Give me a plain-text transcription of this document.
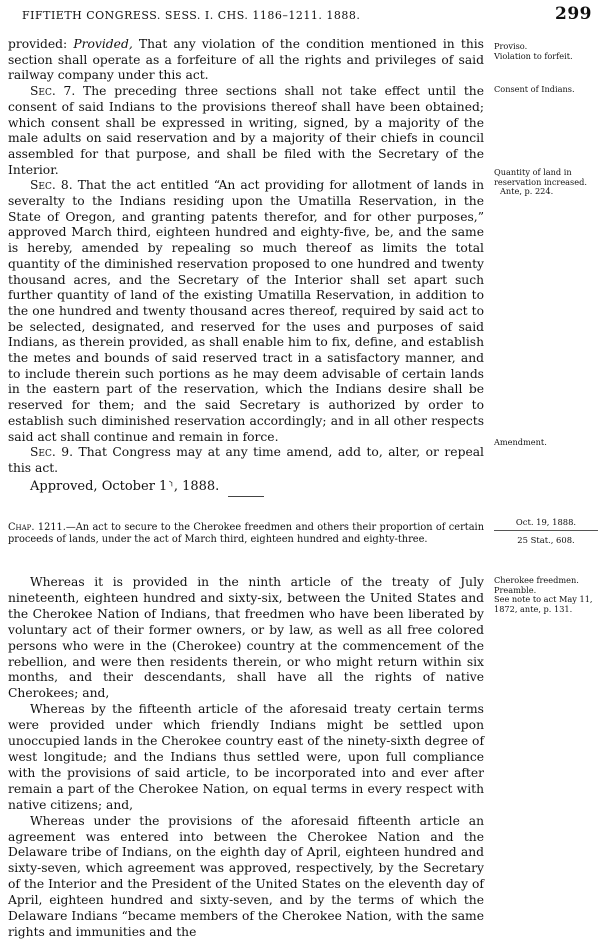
FIFTIETH CONGRESS. SESS. I. CHS. 1186–1211. 1888.	299

provided: Provided, That any violation of the condition mentioned in this section shall operate as a forfeiture of all the rights and privileges of said railway company under this act.

Sec. 7. The preceding three sections shall not take effect until the consent of said Indians to the provisions thereof shall have been obtained; which consent shall be expressed in writing, signed, by a majority of the male adults on said reservation and by a majority of their chiefs in council assembled for that purpose, and shall be filed with the Secretary of the Interior.

Sec. 8. That the act entitled “An act providing for allotment of lands in severalty to the Indians residing upon the Umatilla Reservation, in the State of Oregon, and granting patents therefor, and for other purposes,” approved March third, eighteen hundred and eighty-five, be, and the same is hereby, amended by repealing so much thereof as limits the total quantity of the diminished reservation proposed to one hundred and twenty thousand acres, and the Secretary of the Interior shall set apart such further quantity of land of the existing Umatilla Reservation, in addition to the one hundred and twenty thousand acres thereof, required by said act to be selected, designated, and reserved for the uses and purposes of said Indians, as therein provided, as shall enable him to fix, define, and establish the metes and bounds of said reserved tract in a satisfactory manner, and to include therein such portions as he may deem advisable of certain lands in the eastern part of the reservation, which the Indians desire shall be reserved for them; and the said Secretary is authorized by order to establish such diminished reservation accordingly; and in all other respects said act shall continue and remain in force.

Sec. 9. That Congress may at any time amend, add to, alter, or repeal this act.

Approved, October 1⸃, 1888.

Proviso.
Violation to forfeit.
Consent of Indians.
Quantity of land in reservation increased.
Ante, p. 224.
Amendment.
Chap. 1211.—An act to secure to the Cherokee freedmen and others their proportion of certain proceeds of lands, under the act of March third, eighteen hundred and eighty-three.
Oct. 19, 1888.
25 Stat., 608.
Cherokee freedmen.
Preamble.
See note to act May 11, 1872, ante, p. 131.

Whereas it is provided in the ninth article of the treaty of July nineteenth, eighteen hundred and sixty-six, between the United States and the Cherokee Nation of Indians, that freedmen who have been liberated by voluntary act of their former owners, or by law, as well as all free colored persons who were in the (Cherokee) country at the commencement of the rebellion, and were then residents therein, or who might return within six months, and their descendants, shall have all the rights of native Cherokees; and,

Whereas by the fifteenth article of the aforesaid treaty certain terms were provided under which friendly Indians might be settled upon unoccupied lands in the Cherokee country east of the ninety-sixth degree of west longitude; and the Indians thus settled were, upon full compliance with the provisions of said article, to be incorporated into and ever after remain a part of the Cherokee Nation, on equal terms in every respect with native citizens; and,

Whereas under the provisions of the aforesaid fifteenth article an agreement was entered into between the Cherokee Nation and the Delaware tribe of Indians, on the eighth day of April, eighteen hundred and sixty-seven, which agreement was approved, respectively, by the Secretary of the Interior and the President of the United States on the eleventh day of April, eighteen hundred and sixty-seven, and by the terms of which the Delaware Indians “became members of the Cherokee Nation, with the same rights and immunities and the
